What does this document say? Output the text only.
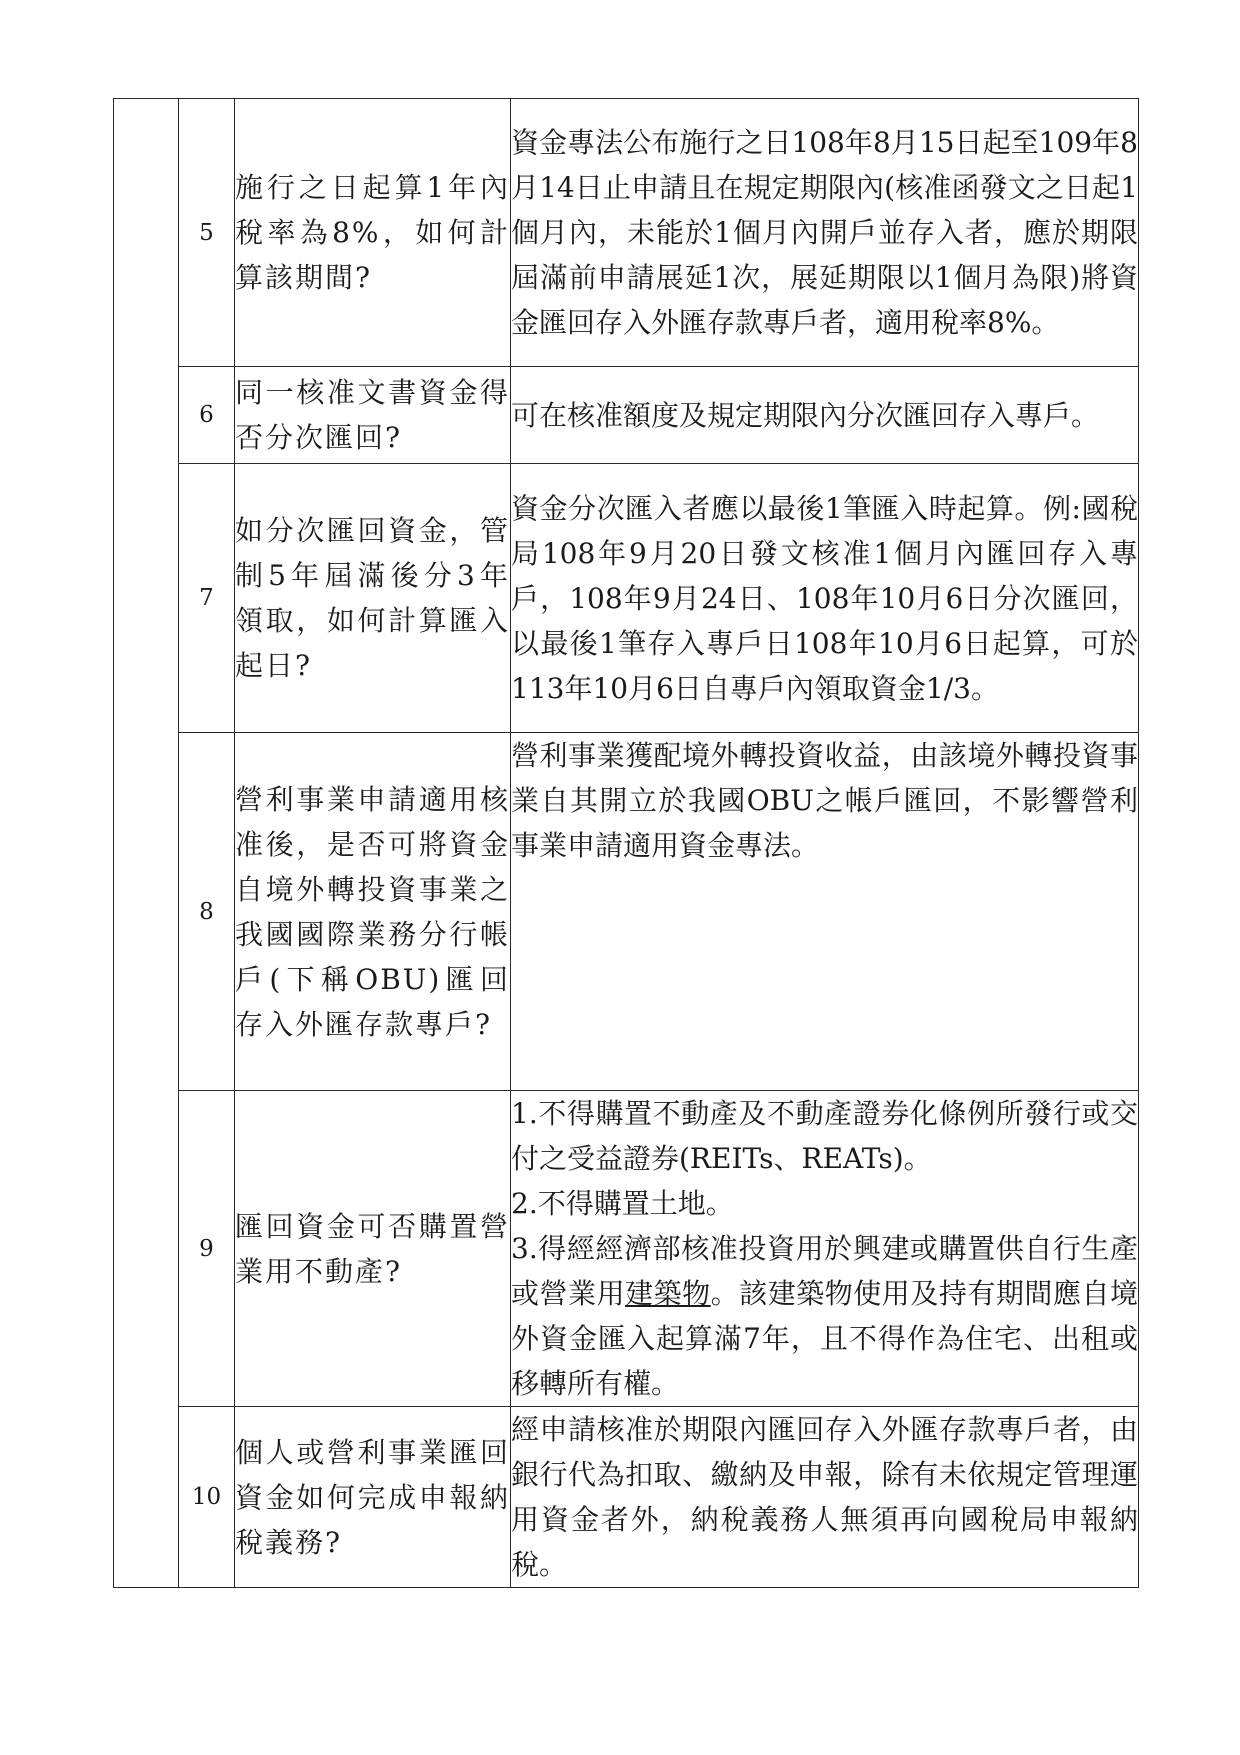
	5	施行之日起算1年內稅率為8%，如何計算該期間?	資金專法公布施行之日108年8月15日起至109年8月14日止申請且在規定期限內(核准函發文之日起1個月內，未能於1個月內開戶並存入者，應於期限屆滿前申請展延1次，展延期限以1個月為限)將資金匯回存入外匯存款專戶者，適用稅率8%。
	6	同一核准文書資金得否分次匯回?	可在核准額度及規定期限內分次匯回存入專戶。
	7	如分次匯回資金，管制5年屆滿後分3年領取，如何計算匯入起日?	資金分次匯入者應以最後1筆匯入時起算。例:國稅局108年9月20日發文核准1個月內匯回存入專戶，108年9月24日、108年10月6日分次匯回，以最後1筆存入專戶日108年10月6日起算，可於113年10月6日自專戶內領取資金1/3。
	8	營利事業申請適用核准後，是否可將資金自境外轉投資事業之我國國際業務分行帳戶(下稱OBU)匯回存入外匯存款專戶?	營利事業獲配境外轉投資收益，由該境外轉投資事業自其開立於我國OBU之帳戶匯回，不影響營利事業申請適用資金專法。
	9	匯回資金可否購置營業用不動產?	1.不得購置不動產及不動產證券化條例所發行或交付之受益證券(REITs、REATs)。
2.不得購置土地。
3.得經經濟部核准投資用於興建或購置供自行生產或營業用建築物。該建築物使用及持有期間應自境外資金匯入起算滿7年，且不得作為住宅、出租或移轉所有權。

	10	個人或營利事業匯回資金如何完成申報納稅義務?	經申請核准於期限內匯回存入外匯存款專戶者，由銀行代為扣取、繳納及申報，除有未依規定管理運用資金者外，納稅義務人無須再向國稅局申報納稅。
